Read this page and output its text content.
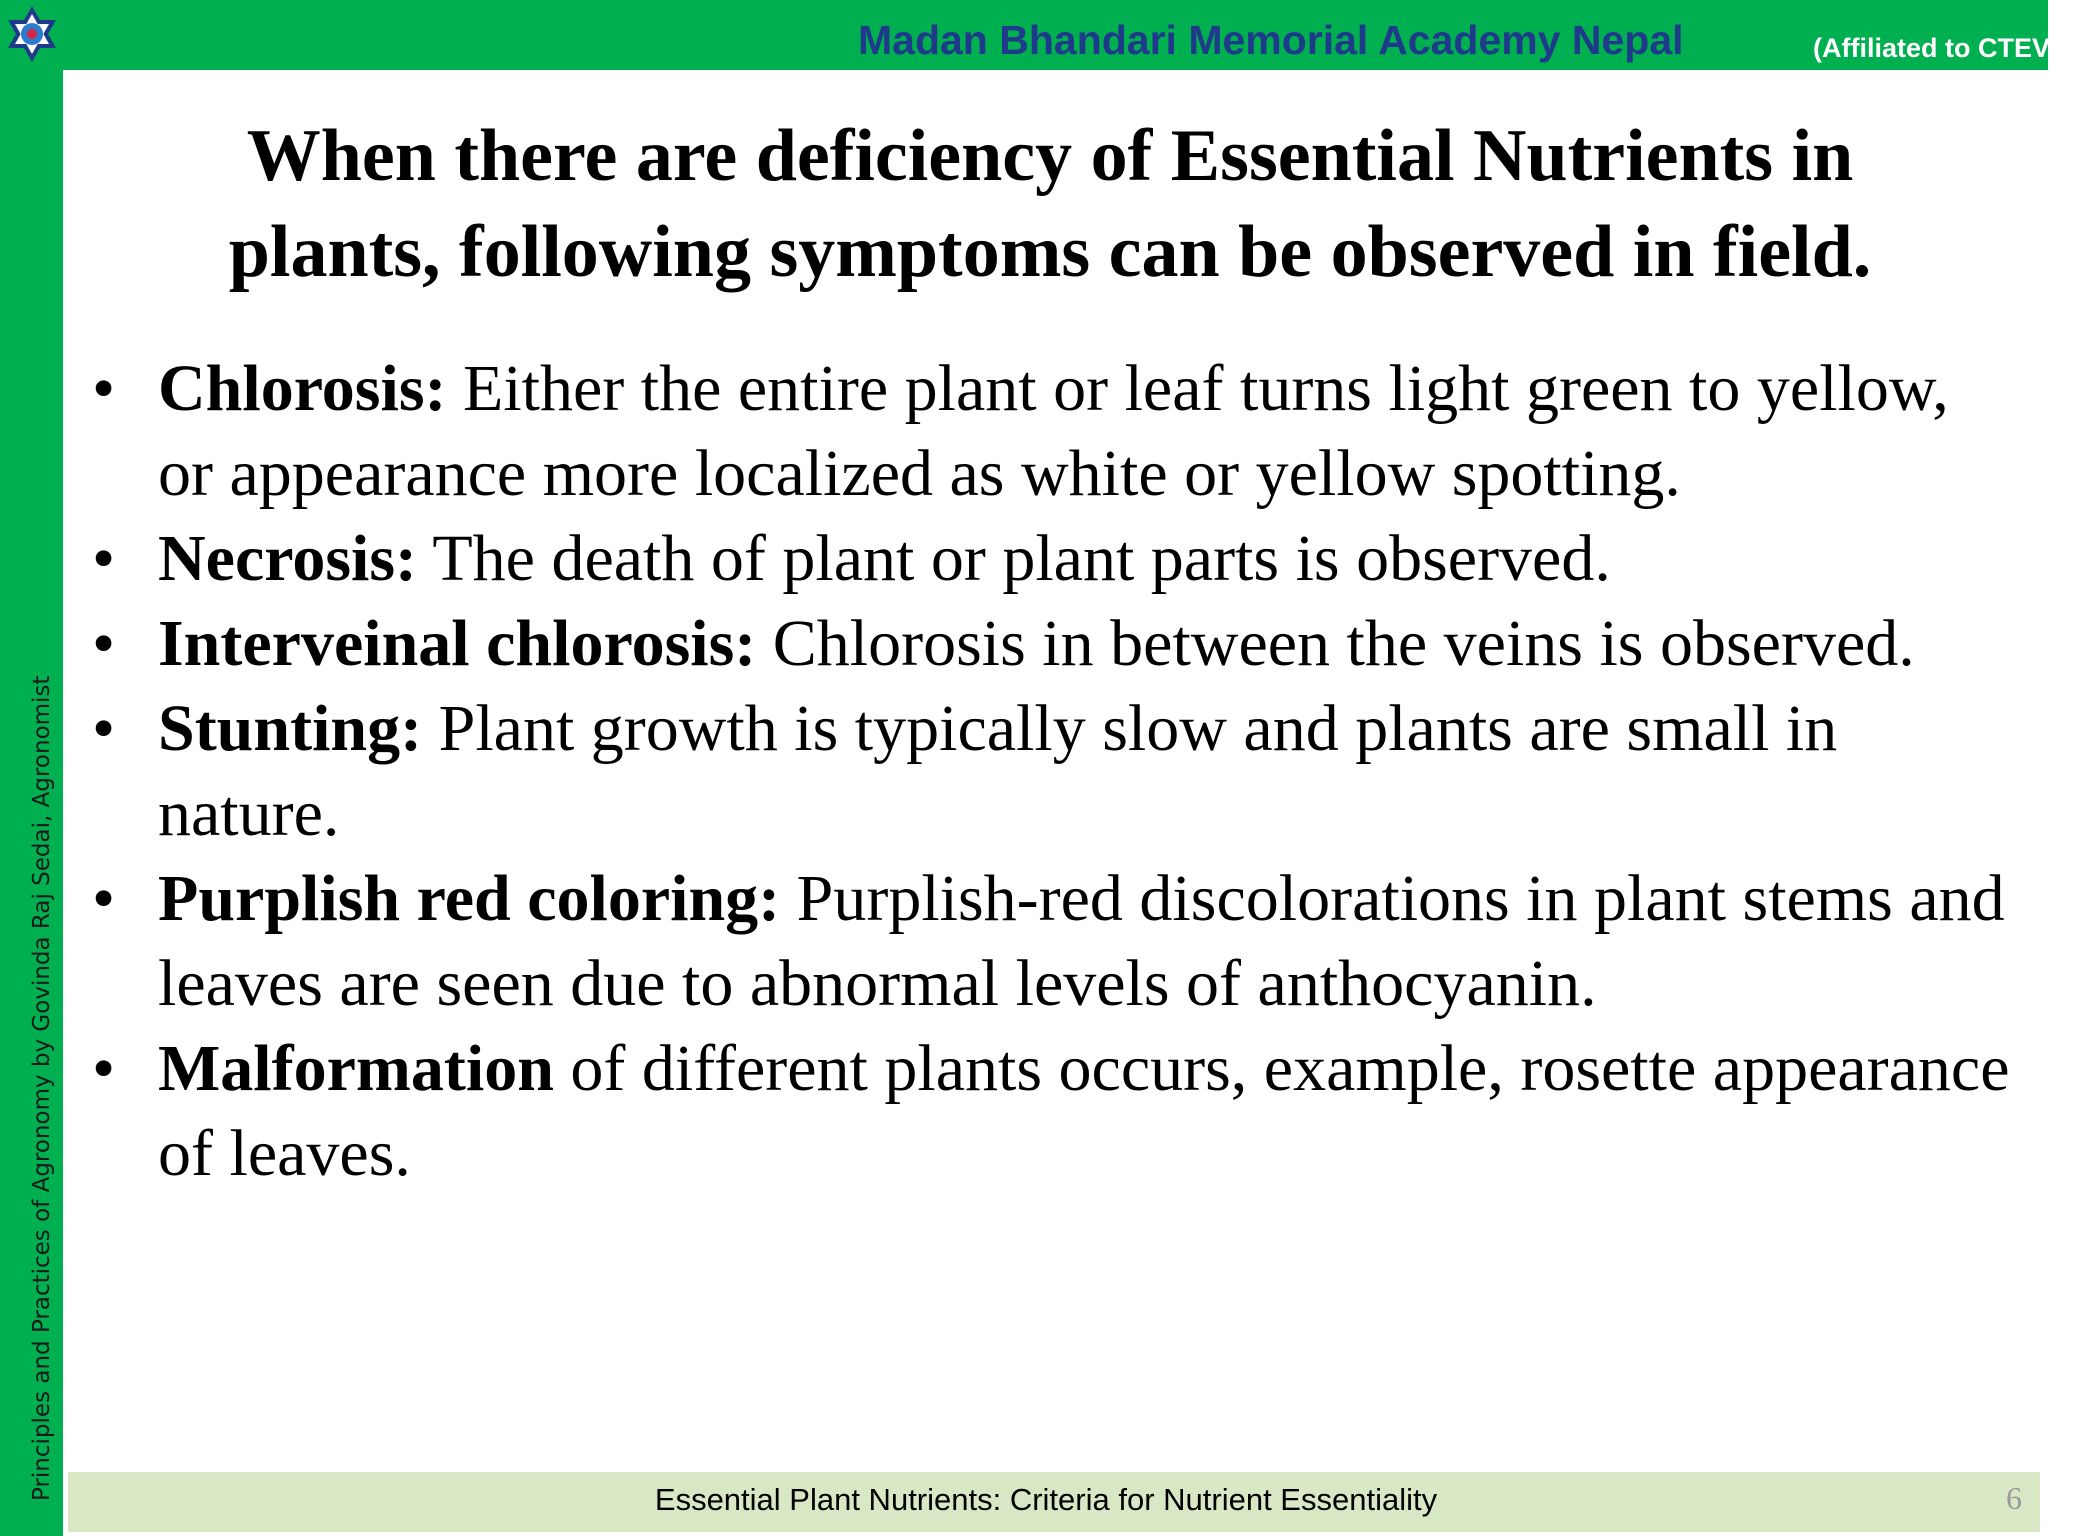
Principles and Practices of Agronomy by Govinda Raj Sedai, Agronomist
Madan Bhandari Memorial Academy Nepal	(Affiliated to CTEVT)
When there are deficiency of Essential Nutrients in
plants, following symptoms can be observed in field.
• Chlorosis: Either the entire plant or leaf turns light green to yellow, or appearance more localized as white or yellow spotting.
• Necrosis: The death of plant or plant parts is observed.
• Interveinal chlorosis: Chlorosis in between the veins is observed.
• Stunting: Plant growth is typically slow and plants are small in nature.
• Purplish red coloring: Purplish-red discolorations in plant stems and leaves are seen due to abnormal levels of anthocyanin.
• Malformation of different plants occurs, example, rosette appearance of leaves.
Essential Plant Nutrients: Criteria for Nutrient Essentiality	6
